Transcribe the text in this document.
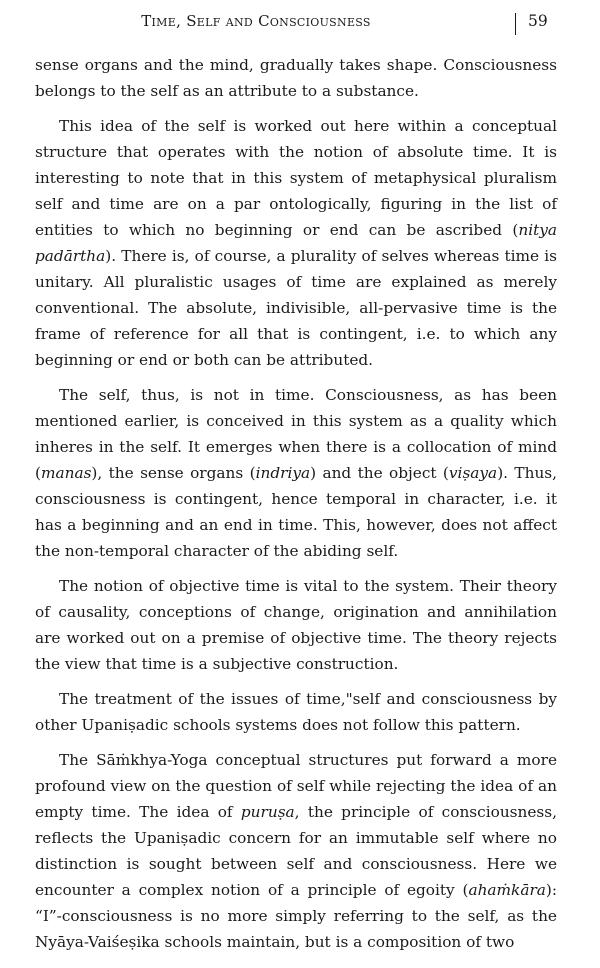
Time, Self and Consciousness	59

sense organs and the mind, gradually takes shape. Consciousness belongs to the self as an attribute to a substance.

This idea of the self is worked out here within a conceptual structure that operates with the notion of absolute time. It is interesting to note that in this system of metaphysical pluralism self and time are on a par ontologically, figuring in the list of entities to which no beginning or end can be ascribed (nitya padārtha). There is, of course, a plurality of selves whereas time is unitary. All pluralistic usages of time are explained as merely conventional. The absolute, indivisible, all-pervasive time is the frame of reference for all that is contingent, i.e. to which any beginning or end or both can be attributed.

The self, thus, is not in time. Consciousness, as has been mentioned earlier, is conceived in this system as a quality which inheres in the self. It emerges when there is a collocation of mind (manas), the sense organs (indriya) and the object (viṣaya). Thus, consciousness is contingent, hence temporal in character, i.e. it has a beginning and an end in time. This, however, does not affect the non-temporal character of the abiding self.

The notion of objective time is vital to the system. Their theory of causality, conceptions of change, origination and annihilation are worked out on a premise of objective time. The theory rejects the view that time is a subjective construction.

The treatment of the issues of time,"self and consciousness by other Upaniṣadic schools systems does not follow this pattern.

The Sāṁkhya-Yoga conceptual structures put forward a more profound view on the question of self while rejecting the idea of an empty time. The idea of puruṣa, the principle of consciousness, reflects the Upaniṣadic concern for an immutable self where no distinction is sought between self and consciousness. Here we encounter a complex notion of a principle of egoity (ahaṁkāra): “I”-consciousness is no more simply referring to the self, as the Nyāya-Vaiśeṣika schools maintain, but is a composition of two
